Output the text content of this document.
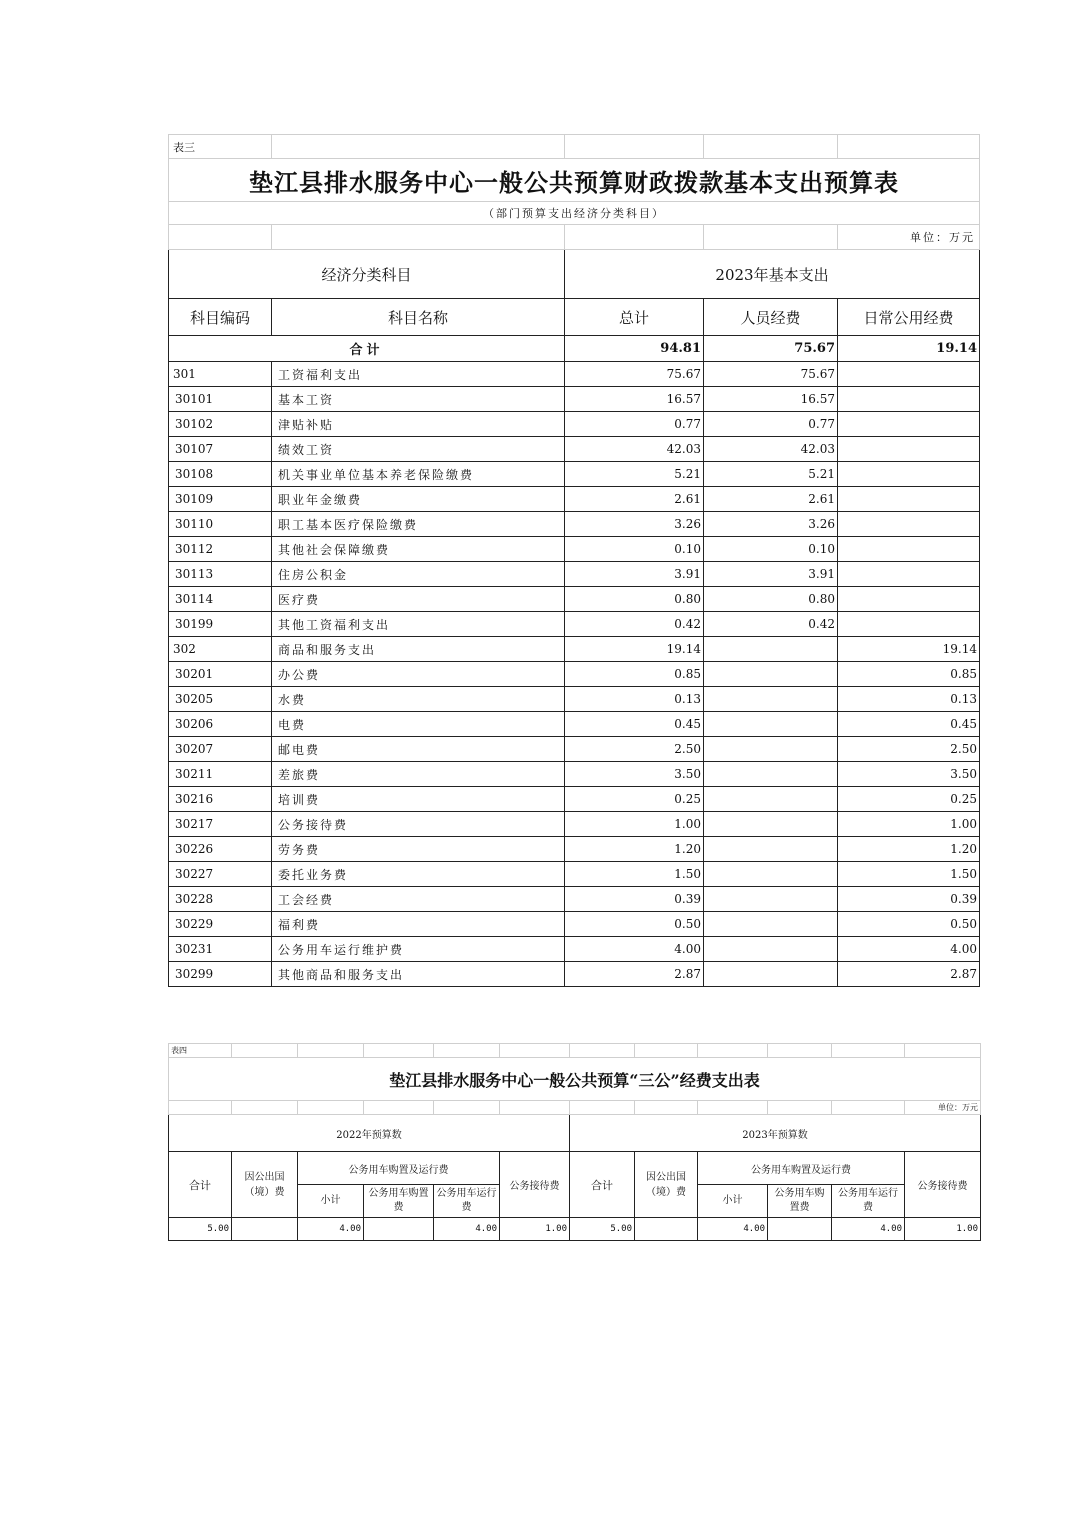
表三				
垫江县排水服务中心一般公共预算财政拨款基本支出预算表				
（部门预算支出经济分类科目）				
				单位：万元
经济分类科目		2023年基本支出		
科目编码	科目名称	总计	人员经费	日常公用经费
合计		94.81	75.67	19.14
301	工资福利支出	75.67	75.67	
30101	基本工资	16.57	16.57	
30102	津贴补贴	0.77	0.77	
30107	绩效工资	42.03	42.03	
30108	机关事业单位基本养老保险缴费	5.21	5.21	
30109	职业年金缴费	2.61	2.61	
30110	职工基本医疗保险缴费	3.26	3.26	
30112	其他社会保障缴费	0.10	0.10	
30113	住房公积金	3.91	3.91	
30114	医疗费	0.80	0.80	
30199	其他工资福利支出	0.42	0.42	
302	商品和服务支出	19.14		19.14
30201	办公费	0.85		0.85
30205	水费	0.13		0.13
30206	电费	0.45		0.45
30207	邮电费	2.50		2.50
30211	差旅费	3.50		3.50
30216	培训费	0.25		0.25
30217	公务接待费	1.00		1.00
30226	劳务费	1.20		1.20
30227	委托业务费	1.50		1.50
30228	工会经费	0.39		0.39
30229	福利费	0.50		0.50
30231	公务用车运行维护费	4.00		4.00
30299	其他商品和服务支出	2.87		2.87
表四											
垫江县排水服务中心一般公共预算“三公”经费支出表											
											单位：万元
2022年预算数						2023年预算数					
合计	因公出国（境）费	公务用车购置及运行费			公务接待费	合计	因公出国（境）费	公务用车购置及运行费			公务接待费
		小计	公务用车购置费	公务用车运行费				小计	公务用车购置费	公务用车运行费	
5.00		4.00		4.00	1.00	5.00		4.00		4.00	1.00
